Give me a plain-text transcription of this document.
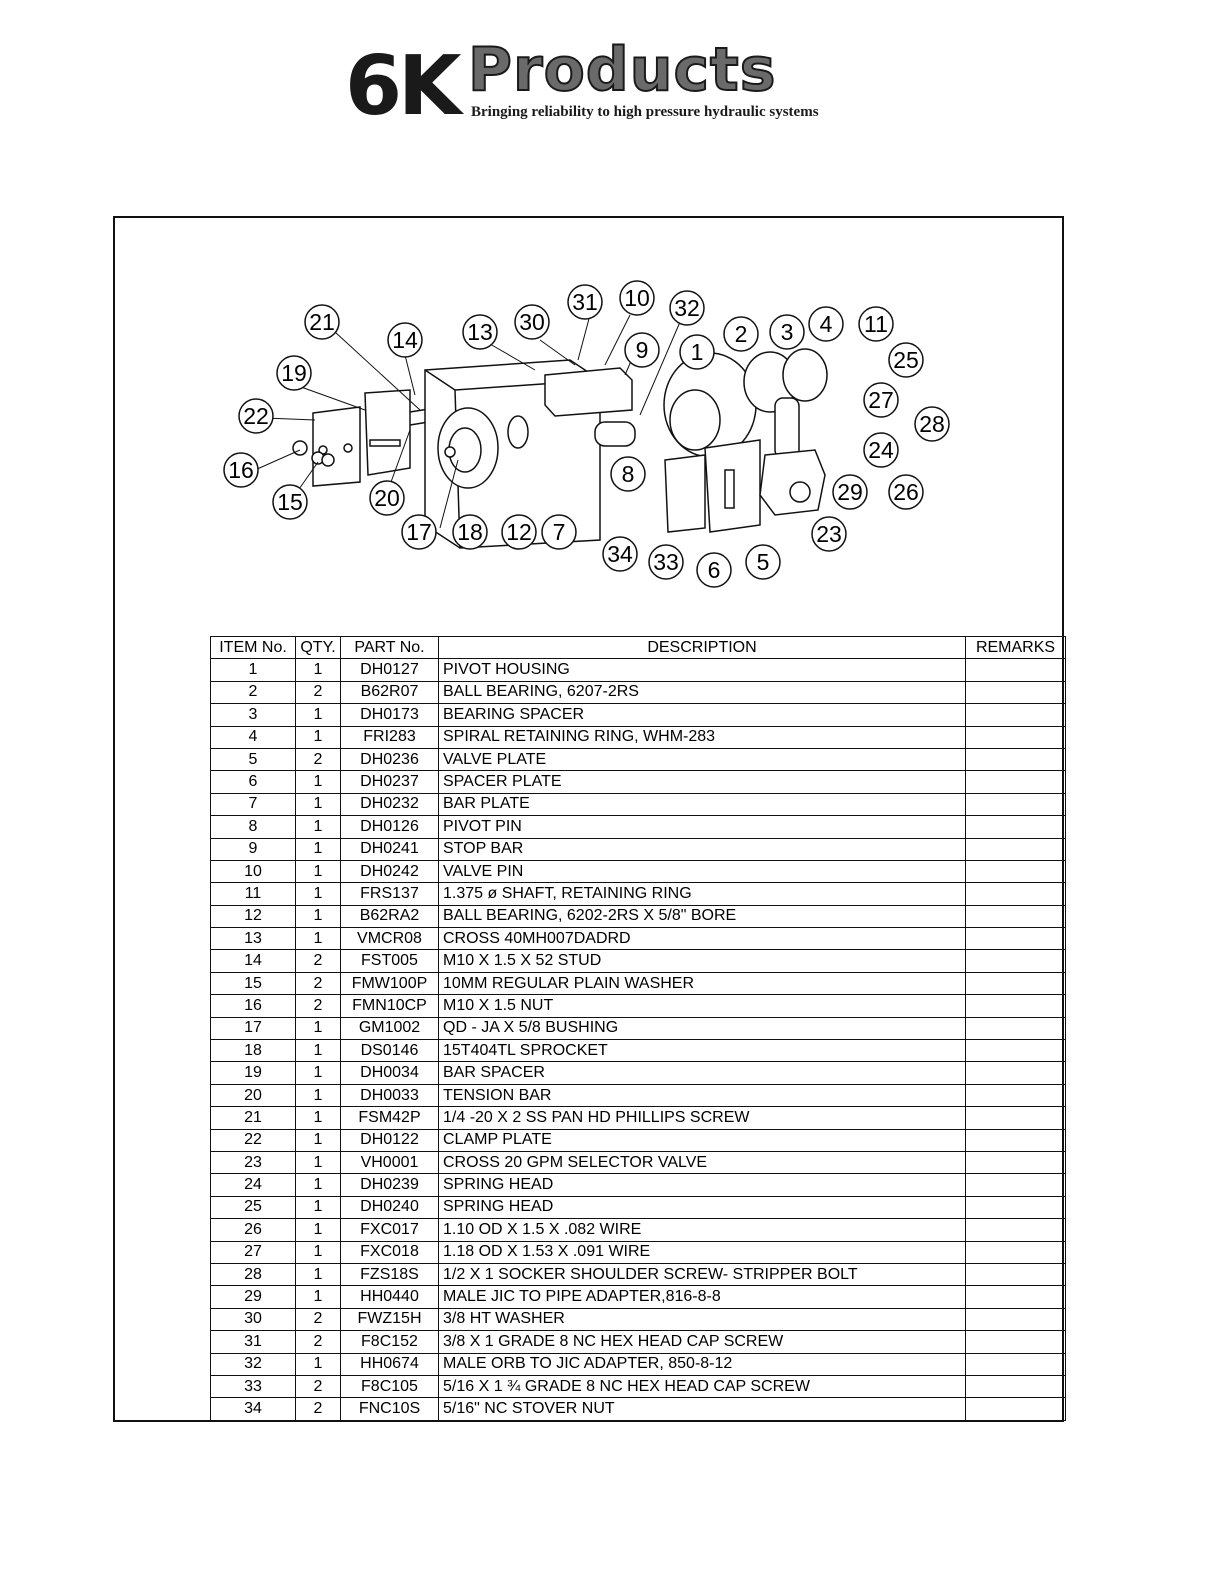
6K Products
Bringing reliability to high pressure hydraulic systems
21
14 13 30
31 10 32
9 1
2 3 4 11
25
19
27
28
22
24
16	8
29 26
15	20
17 18 12 7	23
34 33 6 5
ITEM No.	QTY.	PART No.	DESCRIPTION	REMARKS
1	1	DH0127	PIVOT HOUSING	
2	2	B62R07	BALL BEARING, 6207-2RS	
3	1	DH0173	BEARING SPACER	
4	1	FRI283	SPIRAL RETAINING RING, WHM-283	
5	2	DH0236	VALVE PLATE	
6	1	DH0237	SPACER PLATE	
7	1	DH0232	BAR PLATE	
8	1	DH0126	PIVOT PIN	
9	1	DH0241	STOP BAR	
10	1	DH0242	VALVE PIN	
11	1	FRS137	1.375 ø SHAFT, RETAINING RING	
12	1	B62RA2	BALL BEARING, 6202-2RS X 5/8" BORE	
13	1	VMCR08	CROSS 40MH007DADRD	
14	2	FST005	M10 X 1.5 X 52 STUD	
15	2	FMW100P	10MM REGULAR PLAIN WASHER	
16	2	FMN10CP	M10 X 1.5 NUT	
17	1	GM1002	QD - JA X 5/8 BUSHING	
18	1	DS0146	15T404TL SPROCKET	
19	1	DH0034	BAR SPACER	
20	1	DH0033	TENSION BAR	
21	1	FSM42P	1/4 -20 X 2 SS PAN HD PHILLIPS SCREW	
22	1	DH0122	CLAMP PLATE	
23	1	VH0001	CROSS 20 GPM SELECTOR VALVE	
24	1	DH0239	SPRING HEAD	
25	1	DH0240	SPRING HEAD	
26	1	FXC017	1.10 OD X 1.5 X .082 WIRE	
27	1	FXC018	1.18 OD X 1.53 X .091 WIRE	
28	1	FZS18S	1/2 X 1 SOCKER SHOULDER SCREW- STRIPPER BOLT	
29	1	HH0440	MALE JIC TO PIPE ADAPTER,816-8-8	
30	2	FWZ15H	3/8 HT WASHER	
31	2	F8C152	3/8 X 1 GRADE 8 NC HEX HEAD CAP SCREW	
32	1	HH0674	MALE ORB TO JIC ADAPTER, 850-8-12	
33	2	F8C105	5/16 X 1 ¾ GRADE 8 NC HEX HEAD CAP SCREW	
34	2	FNC10S	5/16" NC STOVER NUT	
